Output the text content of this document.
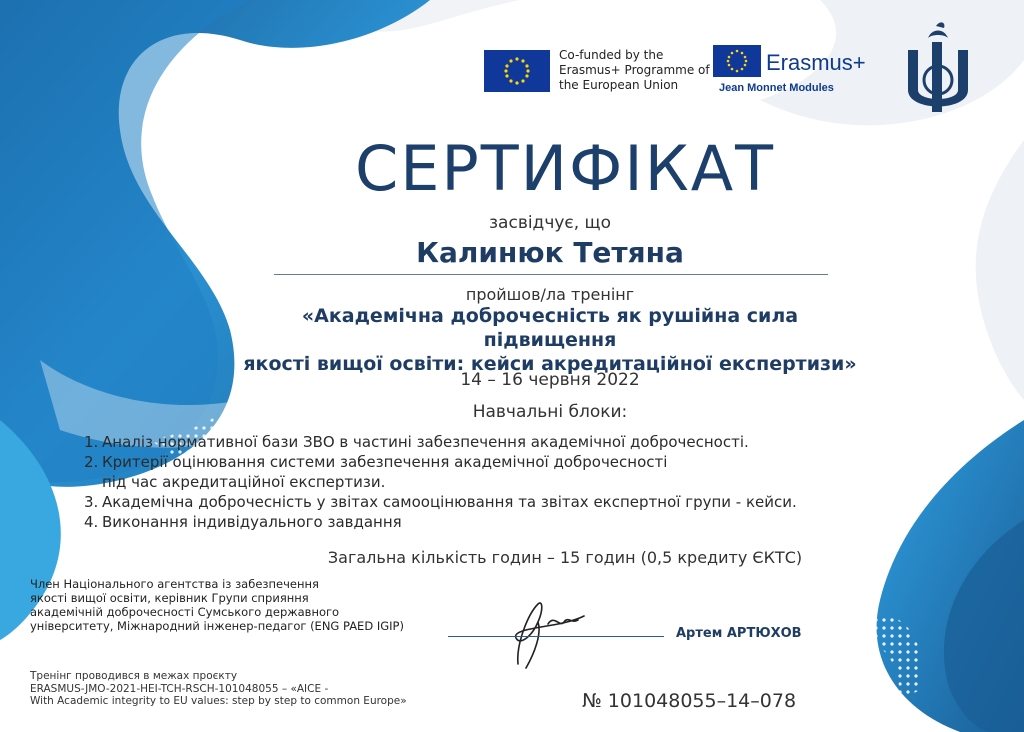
Co-funded by the Erasmus+ Programme of the European Union
Erasmus+
Jean Monnet Modules
СЕРТИФІКАТ
засвідчує, що
Калинюк Тетяна
пройшов/ла тренінг
«Академічна доброчесність як рушійна сила підвищення
якості вищої освіти: кейси акредитаційної експертизи»
14 – 16 червня 2022
Навчальні блоки:
1. Аналіз нормативної бази ЗВО в частині забезпечення академічної доброчесності.
2. Критерії оцінювання системи забезпечення академічної доброчесності
під час акредитаційної експертизи.
3. Академічна доброчесність у звітах самооцінювання та звітах експертної групи - кейси.
4. Виконання індивідуального завдання
Загальна кількість годин – 15 годин (0,5 кредиту ЄКТС)
Член Національного агентства із забезпечення
якості вищої освіти, керівник Групи сприяння
академічній доброчесності Сумського державного
університету, Міжнародний інженер-педагог (ENG PAED IGIP)	Артем АРТЮХОВ
Тренінг проводився в межах проєкту
ERASMUS-JMO-2021-HEI-TCH-RSCH-101048055 – «AICE -
With Academic integrity to EU values: step by step to common Europe»	№ 101048055–14–078
